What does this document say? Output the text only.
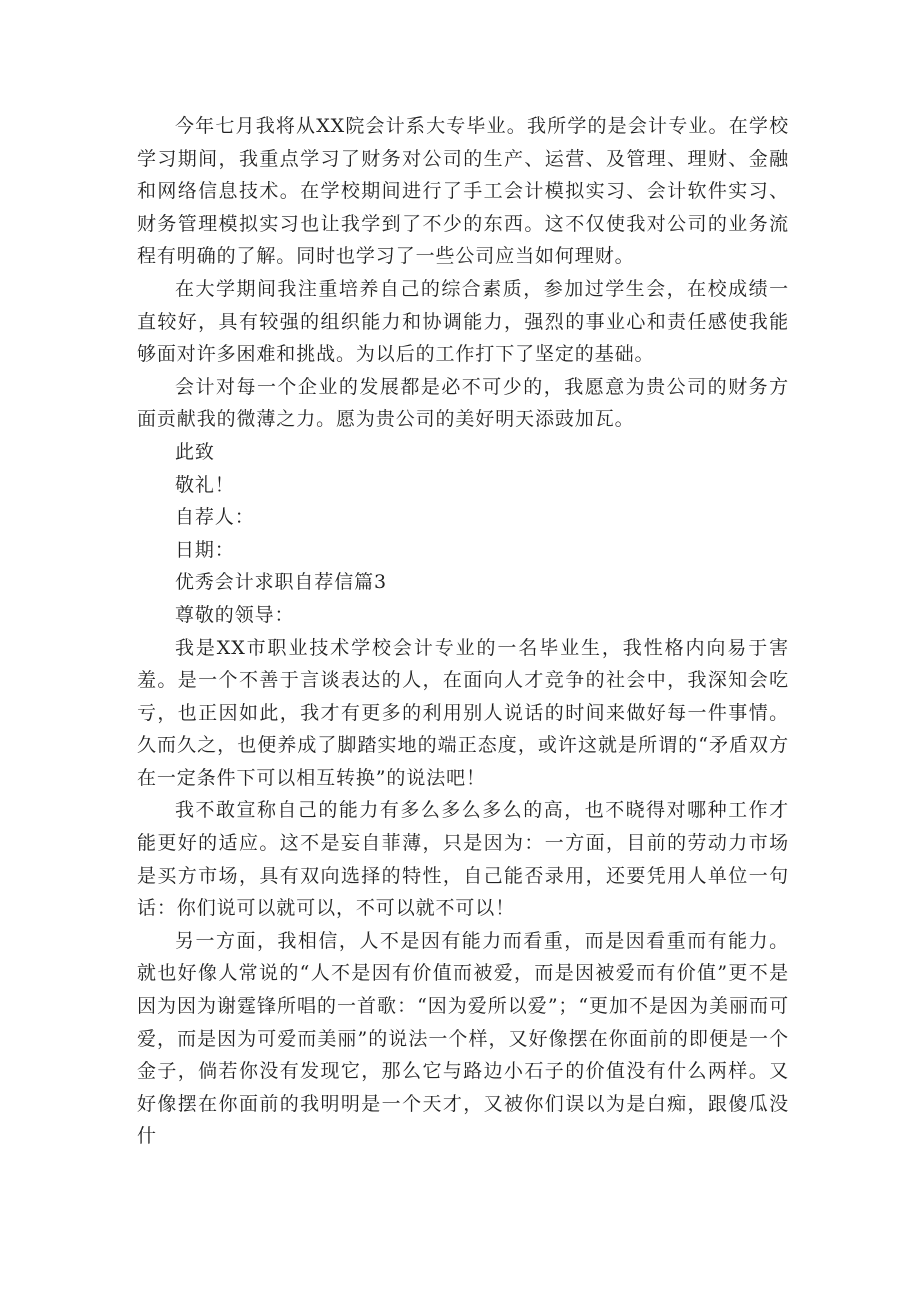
今年七月我将从XX院会计系大专毕业。我所学的是会计专业。在学校学习期间，我重点学习了财务对公司的生产、运营、及管理、理财、金融和网络信息技术。在学校期间进行了手工会计模拟实习、会计软件实习、财务管理模拟实习也让我学到了不少的东西。这不仅使我对公司的业务流程有明确的了解。同时也学习了一些公司应当如何理财。

在大学期间我注重培养自己的综合素质，参加过学生会，在校成绩一直较好，具有较强的组织能力和协调能力，强烈的事业心和责任感使我能够面对许多困难和挑战。为以后的工作打下了坚定的基础。

会计对每一个企业的发展都是必不可少的，我愿意为贵公司的财务方面贡献我的微薄之力。愿为贵公司的美好明天添豉加瓦。

此致

敬礼！

自荐人：

日期：

优秀会计求职自荐信篇3

尊敬的领导：

我是XX市职业技术学校会计专业的一名毕业生，我性格内向易于害羞。是一个不善于言谈表达的人，在面向人才竞争的社会中，我深知会吃亏，也正因如此，我才有更多的利用别人说话的时间来做好每一件事情。久而久之，也便养成了脚踏实地的端正态度，或许这就是所谓的“矛盾双方在一定条件下可以相互转换”的说法吧！

我不敢宣称自己的能力有多么多么多么的高，也不晓得对哪种工作才能更好的适应。这不是妄自菲薄，只是因为：一方面，目前的劳动力市场是买方市场，具有双向选择的特性，自己能否录用，还要凭用人单位一句话：你们说可以就可以，不可以就不可以！

另一方面，我相信，人不是因有能力而看重，而是因看重而有能力。就也好像人常说的“人不是因有价值而被爱，而是因被爱而有价值”更不是因为因为谢霆锋所唱的一首歌：“因为爱所以爱”；“更加不是因为美丽而可爱，而是因为可爱而美丽”的说法一个样，又好像摆在你面前的即便是一个金子，倘若你没有发现它，那么它与路边小石子的价值没有什么两样。又好像摆在你面前的我明明是一个天才，又被你们误以为是白痴，跟傻瓜没什
